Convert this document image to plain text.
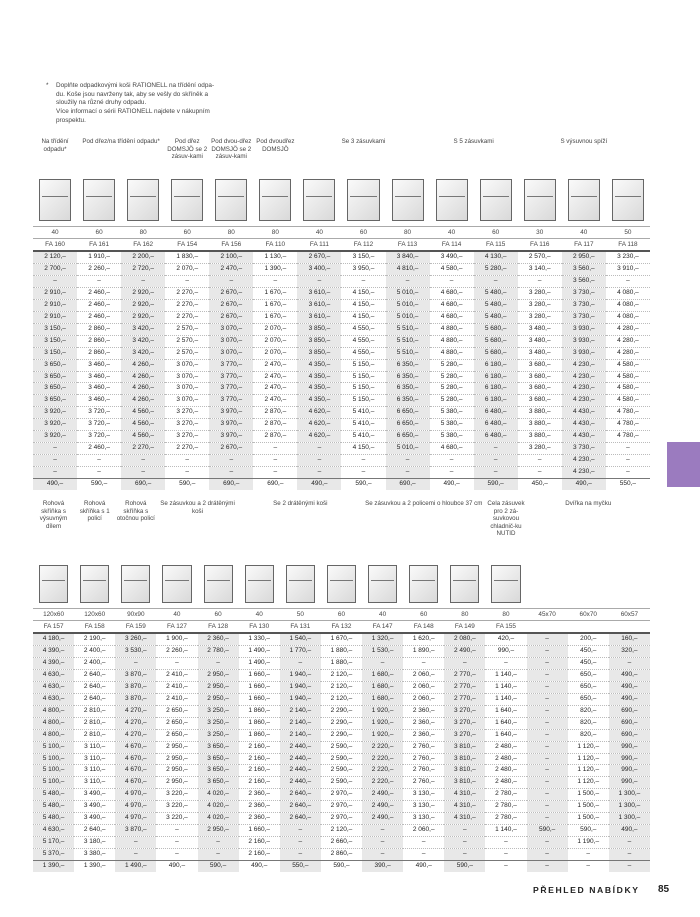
* Doplňte odpadkovými koši RATIONELL na třídění odpa-

du. Koše jsou navrženy tak, aby se vešly do skříněk a

sloužily na různé druhy odpadu.

Více informací o sérii RATIONELL najdete v nákupním

prospektu.

Na třídění odpadu*	Pod dřez/na třídění odpadu*		Pod dřez DOMSJÖ se 2 zásuv-kami	Pod dvou-dřez DOMSJÖ se 2 zásuv-kami	Pod dvoudřez DOMSJÖ	Se 3 zásuvkami			S 5 zásuvkami		S výsuvnou spíží		

40	60	80	60	80	80	40	60	80	40	60	30	40	50
FA 160	FA 161	FA 162	FA 154	FA 156	FA 110	FA 111	FA 112	FA 113	FA 114	FA 115	FA 116	FA 117	FA 118
2 120,–	1 910,–	2 200,–	1 830,–	2 100,–	1 130,–	2 670,–	3 150,–	3 840,–	3 490,–	4 130,–	2 570,–	2 950,–	3 230,–
2 700,–	2 260,–	2 720,–	2 070,–	2 470,–	1 390,–	3 400,–	3 950,–	4 810,–	4 580,–	5 280,–	3 140,–	3 560,–	3 910,–
–	–	–	–	–	–	–	–	–	–	–	–	3 560,–	–
2 910,–	2 460,–	2 920,–	2 270,–	2 670,–	1 670,–	3 610,–	4 150,–	5 010,–	4 680,–	5 480,–	3 280,–	3 730,–	4 080,–
2 910,–	2 460,–	2 920,–	2 270,–	2 670,–	1 670,–	3 610,–	4 150,–	5 010,–	4 680,–	5 480,–	3 280,–	3 730,–	4 080,–
2 910,–	2 460,–	2 920,–	2 270,–	2 670,–	1 670,–	3 610,–	4 150,–	5 010,–	4 680,–	5 480,–	3 280,–	3 730,–	4 080,–
3 150,–	2 860,–	3 420,–	2 570,–	3 070,–	2 070,–	3 850,–	4 550,–	5 510,–	4 880,–	5 680,–	3 480,–	3 930,–	4 280,–
3 150,–	2 860,–	3 420,–	2 570,–	3 070,–	2 070,–	3 850,–	4 550,–	5 510,–	4 880,–	5 680,–	3 480,–	3 930,–	4 280,–
3 150,–	2 860,–	3 420,–	2 570,–	3 070,–	2 070,–	3 850,–	4 550,–	5 510,–	4 880,–	5 680,–	3 480,–	3 930,–	4 280,–
3 650,–	3 460,–	4 260,–	3 070,–	3 770,–	2 470,–	4 350,–	5 150,–	6 350,–	5 280,–	6 180,–	3 680,–	4 230,–	4 580,–
3 650,–	3 460,–	4 260,–	3 070,–	3 770,–	2 470,–	4 350,–	5 150,–	6 350,–	5 280,–	6 180,–	3 680,–	4 230,–	4 580,–
3 650,–	3 460,–	4 260,–	3 070,–	3 770,–	2 470,–	4 350,–	5 150,–	6 350,–	5 280,–	6 180,–	3 680,–	4 230,–	4 580,–
3 650,–	3 460,–	4 260,–	3 070,–	3 770,–	2 470,–	4 350,–	5 150,–	6 350,–	5 280,–	6 180,–	3 680,–	4 230,–	4 580,–
3 920,–	3 720,–	4 560,–	3 270,–	3 970,–	2 870,–	4 620,–	5 410,–	6 650,–	5 380,–	6 480,–	3 880,–	4 430,–	4 780,–
3 920,–	3 720,–	4 560,–	3 270,–	3 970,–	2 870,–	4 620,–	5 410,–	6 650,–	5 380,–	6 480,–	3 880,–	4 430,–	4 780,–
3 920,–	3 720,–	4 560,–	3 270,–	3 970,–	2 870,–	4 620,–	5 410,–	6 650,–	5 380,–	6 480,–	3 880,–	4 430,–	4 780,–
–	2 460,–	2 270,–	2 270,–	2 670,–	–	–	4 150,–	5 010,–	4 680,–	–	3 280,–	3 730,–	–
–	–	–	–	–	–	–	–	–	–	–	–	4 230,–	–
–	–	–	–	–	–	–	–	–	–	–	–	4 230,–	–
490,–	590,–	690,–	590,–	690,–	690,–	490,–	590,–	690,–	490,–	590,–	450,–	490,–	550,–
Rohová skříňka s výsuvným dílem	Rohová skříňka s 1 policí	Rohová skříňka s otočnou policí	Se zásuvkou a 2 drátěnými koši		Se 2 drátěnými koši			Se zásuvkou a 2 policemi o hloubce 37 cm			Čela zásuvek pro 2 zá-suvkovou chladnič-ku NUTID	Dvířka na myčku		

120x60	120x60	90x90	40	60	40	50	60	40	60	80	80	45x70	60x70	60x57
FA 157	FA 158	FA 159	FA 127	FA 128	FA 130	FA 131	FA 132	FA 147	FA 148	FA 149	FA 155			
4 180,–	2 190,–	3 260,–	1 900,–	2 360,–	1 330,–	1 540,–	1 670,–	1 320,–	1 620,–	2 080,–	420,–	–	200,–	160,–
4 390,–	2 400,–	3 530,–	2 260,–	2 780,–	1 490,–	1 770,–	1 880,–	1 530,–	1 890,–	2 490,–	990,–	–	450,–	320,–
4 390,–	2 400,–	–	–	–	1 490,–	–	1 880,–	–	–	–	–	–	450,–	–
4 630,–	2 640,–	3 870,–	2 410,–	2 950,–	1 660,–	1 940,–	2 120,–	1 680,–	2 060,–	2 770,–	1 140,–	–	650,–	490,–
4 630,–	2 640,–	3 870,–	2 410,–	2 950,–	1 660,–	1 940,–	2 120,–	1 680,–	2 060,–	2 770,–	1 140,–	–	650,–	490,–
4 630,–	2 640,–	3 870,–	2 410,–	2 950,–	1 660,–	1 940,–	2 120,–	1 680,–	2 060,–	2 770,–	1 140,–	–	650,–	490,–
4 800,–	2 810,–	4 270,–	2 650,–	3 250,–	1 860,–	2 140,–	2 290,–	1 920,–	2 360,–	3 270,–	1 640,–	–	820,–	690,–
4 800,–	2 810,–	4 270,–	2 650,–	3 250,–	1 860,–	2 140,–	2 290,–	1 920,–	2 360,–	3 270,–	1 640,–	–	820,–	690,–
4 800,–	2 810,–	4 270,–	2 650,–	3 250,–	1 860,–	2 140,–	2 290,–	1 920,–	2 360,–	3 270,–	1 640,–	–	820,–	690,–
5 100,–	3 110,–	4 670,–	2 950,–	3 650,–	2 160,–	2 440,–	2 590,–	2 220,–	2 760,–	3 810,–	2 480,–	–	1 120,–	990,–
5 100,–	3 110,–	4 670,–	2 950,–	3 650,–	2 160,–	2 440,–	2 590,–	2 220,–	2 760,–	3 810,–	2 480,–	–	1 120,–	990,–
5 100,–	3 110,–	4 670,–	2 950,–	3 650,–	2 160,–	2 440,–	2 590,–	2 220,–	2 760,–	3 810,–	2 480,–	–	1 120,–	990,–
5 100,–	3 110,–	4 670,–	2 950,–	3 650,–	2 160,–	2 440,–	2 590,–	2 220,–	2 760,–	3 810,–	2 480,–	–	1 120,–	990,–
5 480,–	3 490,–	4 970,–	3 220,–	4 020,–	2 360,–	2 640,–	2 970,–	2 490,–	3 130,–	4 310,–	2 780,–	–	1 500,–	1 300,–
5 480,–	3 490,–	4 970,–	3 220,–	4 020,–	2 360,–	2 640,–	2 970,–	2 490,–	3 130,–	4 310,–	2 780,–	–	1 500,–	1 300,–
5 480,–	3 490,–	4 970,–	3 220,–	4 020,–	2 360,–	2 640,–	2 970,–	2 490,–	3 130,–	4 310,–	2 780,–	–	1 500,–	1 300,–
4 630,–	2 640,–	3 870,–	–	2 950,–	1 660,–	–	2 120,–	–	2 060,–	–	1 140,–	590,–	590,–	490,–
5 170,–	3 180,–	–	–	–	2 160,–	–	2 660,–	–	–	–	–	–	1 190,–	–
5 370,–	3 380,–	–	–	–	2 160,–	–	2 860,–	–	–	–	–	–	–	–
1 390,–	1 390,–	1 490,–	490,–	590,–	490,–	550,–	590,–	390,–	490,–	590,–	–	–	–	–
PŘEHLED NABÍDKY 85
